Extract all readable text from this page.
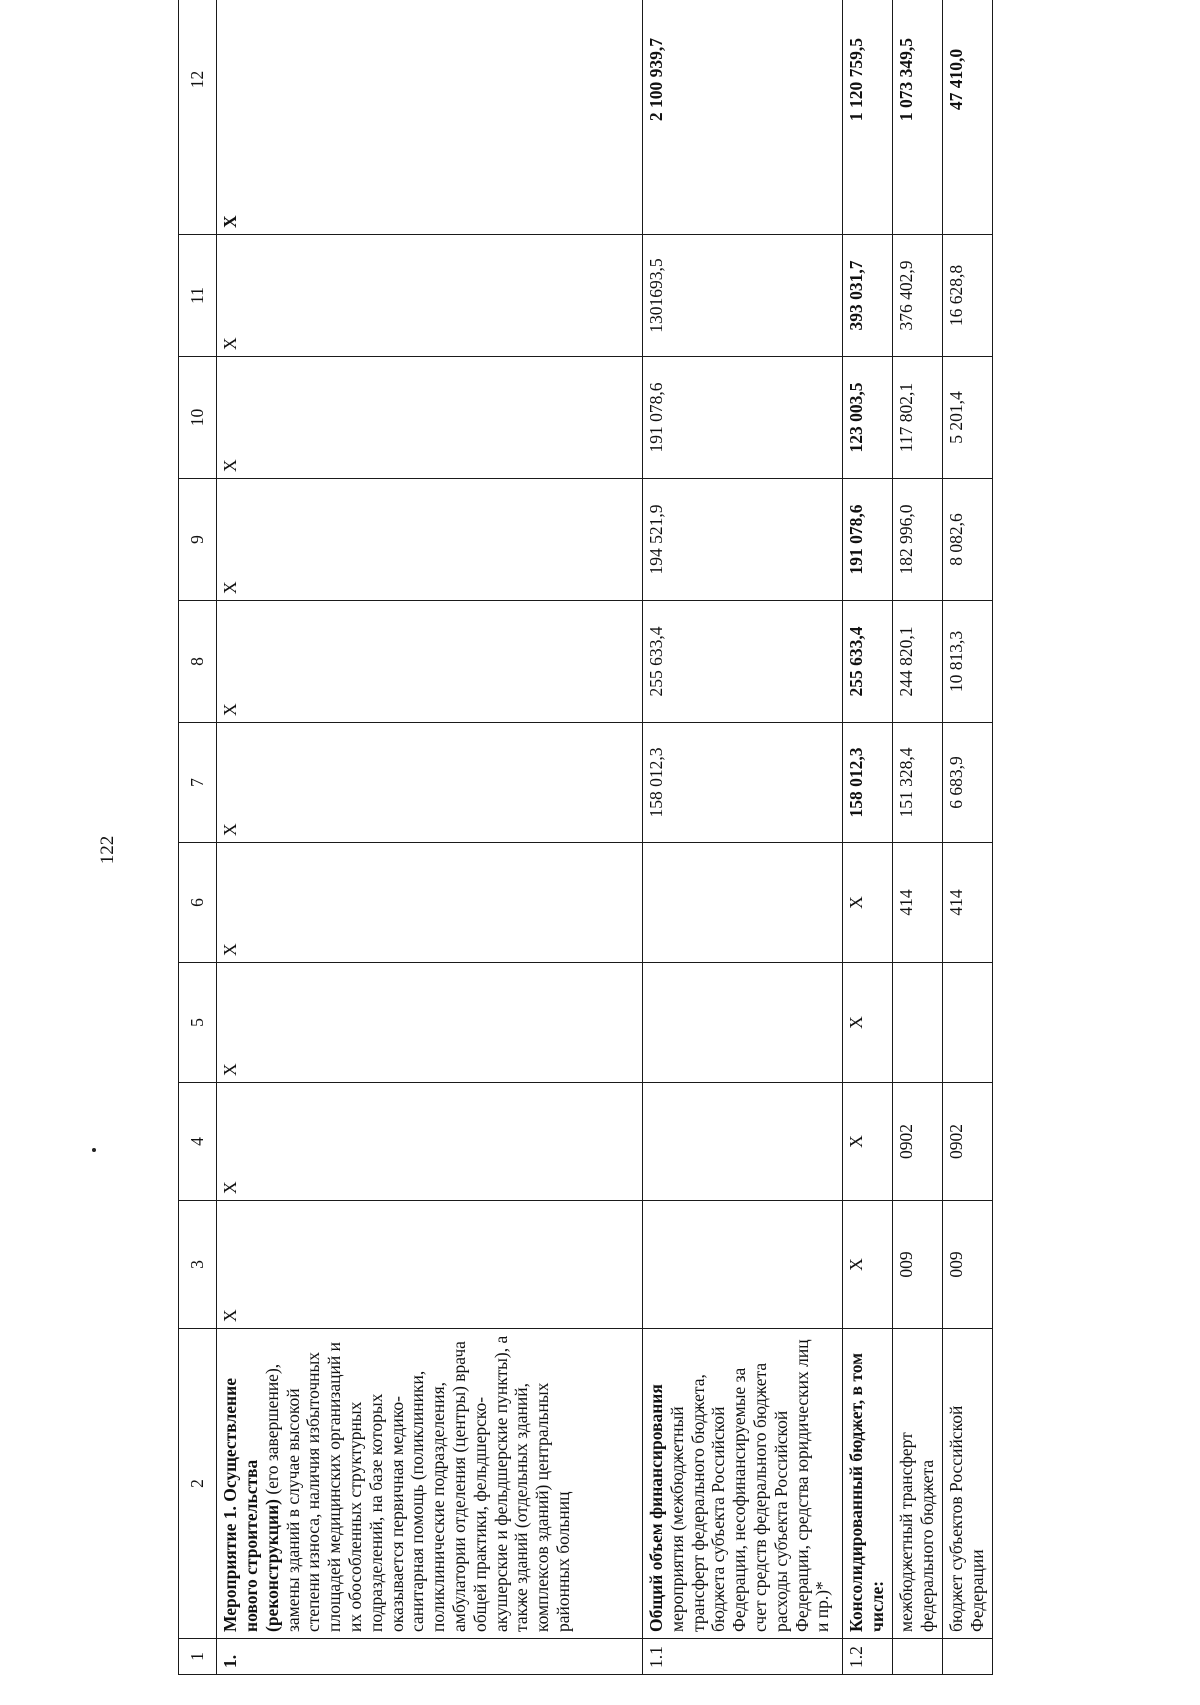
122
1	2	3	4	5	6	7	8	9	10	11	12
1.	Мероприятие 1. Осуществление нового строительства (реконструкции) (его завершение), замены зданий в случае высокой степени износа, наличия избыточных площадей медицинских организаций и их обособленных структурных подразделений, на базе которых оказывается первичная медико-санитарная помощь (поликлиники, поликлинические подразделения, амбулатории отделения (центры) врача общей практики, фельдшерско-акушерские и фельдшерские пункты), а также зданий (отдельных зданий, комплексов зданий) центральных районных больниц	Х	Х	Х	Х	Х	Х	Х	Х	Х	Х
1.1	Общий объем финансирования мероприятия (межбюджетный трансферт федерального бюджета, бюджета субъекта Российской Федерации, несофинансируемые за счет средств федерального бюджета расходы субъекта Российской Федерации, средства юридических лиц и пр.)*					158 012,3	255 633,4	194 521,9	191 078,6	1301693,5	2 100 939,7
1.2	Консолидированный бюджет, в том числе:	Х	Х	Х	Х	158 012,3	255 633,4	191 078,6	123 003,5	393 031,7	1 120 759,5
	межбюджетный трансферт федерального бюджета	009	0902		414	151 328,4	244 820,1	182 996,0	117 802,1	376 402,9	1 073 349,5
	бюджет субъектов Российской Федерации	009	0902		414	6 683,9	10 813,3	8 082,6	5 201,4	16 628,8	47 410,0
